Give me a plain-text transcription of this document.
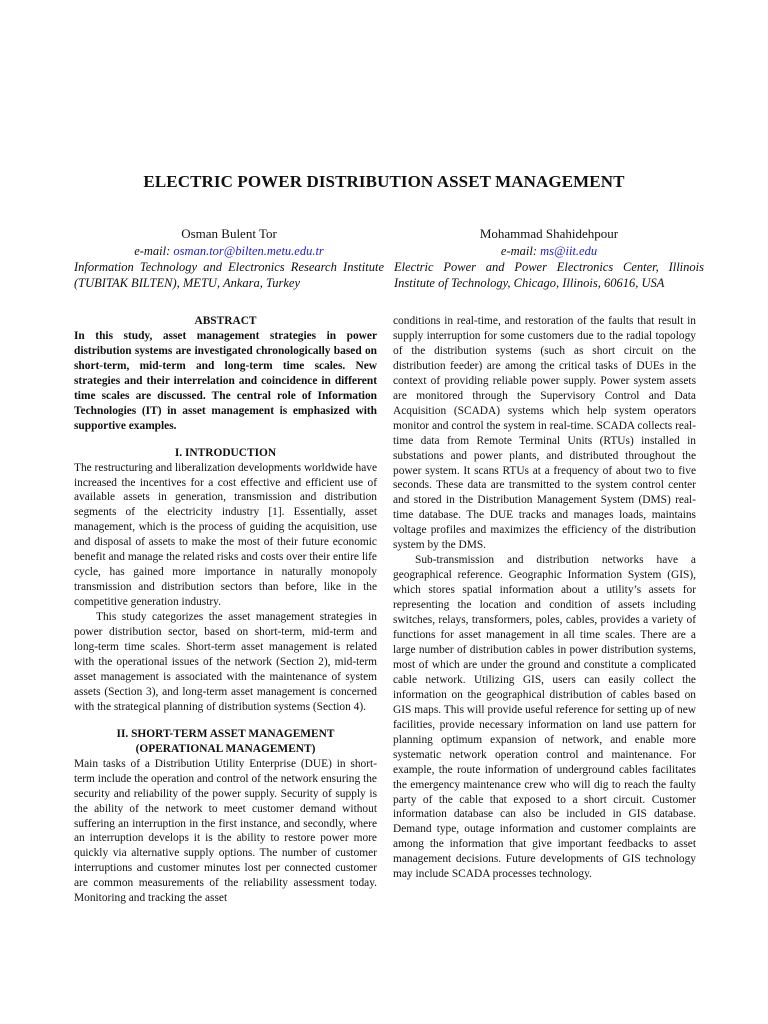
ELECTRIC POWER DISTRIBUTION ASSET MANAGEMENT
Osman Bulent Tor
e-mail: osman.tor@bilten.metu.edu.tr
Information Technology and Electronics Research Institute (TUBITAK BILTEN), METU, Ankara, Turkey
Mohammad Shahidehpour
e-mail: ms@iit.edu
Electric Power and Power Electronics Center, Illinois Institute of Technology, Chicago, Illinois, 60616, USA
ABSTRACT

In this study, asset management strategies in power distribution systems are investigated chronologically based on short-term, mid-term and long-term time scales. New strategies and their interrelation and coincidence in different time scales are discussed. The central role of Information Technologies (IT) in asset management is emphasized with supportive examples.

I. INTRODUCTION

The restructuring and liberalization developments worldwide have increased the incentives for a cost effective and efficient use of available assets in generation, transmission and distribution segments of the electricity industry [1]. Essentially, asset management, which is the process of guiding the acquisition, use and disposal of assets to make the most of their future economic benefit and manage the related risks and costs over their entire life cycle, has gained more importance in naturally monopoly transmission and distribution sectors than before, like in the competitive generation industry.

This study categorizes the asset management strategies in power distribution sector, based on short-term, mid-term and long-term time scales. Short-term asset management is related with the operational issues of the network (Section 2), mid-term asset management is associated with the maintenance of system assets (Section 3), and long-term asset management is concerned with the strategical planning of distribution systems (Section 4).

II. SHORT-TERM ASSET MANAGEMENT
(OPERATIONAL MANAGEMENT)

Main tasks of a Distribution Utility Enterprise (DUE) in short-term include the operation and control of the network ensuring the security and reliability of the power supply. Security of supply is the ability of the network to meet customer demand without suffering an interruption in the first instance, and secondly, where an interruption develops it is the ability to restore power more quickly via alternative supply options. The number of customer interruptions and customer minutes lost per connected customer are common measurements of the reliability assessment today. Monitoring and tracking the asset

conditions in real-time, and restoration of the faults that result in supply interruption for some customers due to the radial topology of the distribution systems (such as short circuit on the distribution feeder) are among the critical tasks of DUEs in the context of providing reliable power supply. Power system assets are monitored through the Supervisory Control and Data Acquisition (SCADA) systems which help system operators monitor and control the system in real-time. SCADA collects real-time data from Remote Terminal Units (RTUs) installed in substations and power plants, and distributed throughout the power system. It scans RTUs at a frequency of about two to five seconds. These data are transmitted to the system control center and stored in the Distribution Management System (DMS) real-time database. The DUE tracks and manages loads, maintains voltage profiles and maximizes the efficiency of the distribution system by the DMS.

Sub-transmission and distribution networks have a geographical reference. Geographic Information System (GIS), which stores spatial information about a utility’s assets for representing the location and condition of assets including switches, relays, transformers, poles, cables, provides a variety of functions for asset management in all time scales. There are a large number of distribution cables in power distribution systems, most of which are under the ground and constitute a complicated cable network. Utilizing GIS, users can easily collect the information on the geographical distribution of cables based on GIS maps. This will provide useful reference for setting up of new facilities, provide necessary information on land use pattern for planning optimum expansion of network, and enable more systematic network operation control and maintenance. For example, the route information of underground cables facilitates the emergency maintenance crew who will dig to reach the faulty party of the cable that exposed to a short circuit. Customer information database can also be included in GIS database. Demand type, outage information and customer complaints are among the information that give important feedbacks to asset management decisions. Future developments of GIS technology may include SCADA processes technology.
